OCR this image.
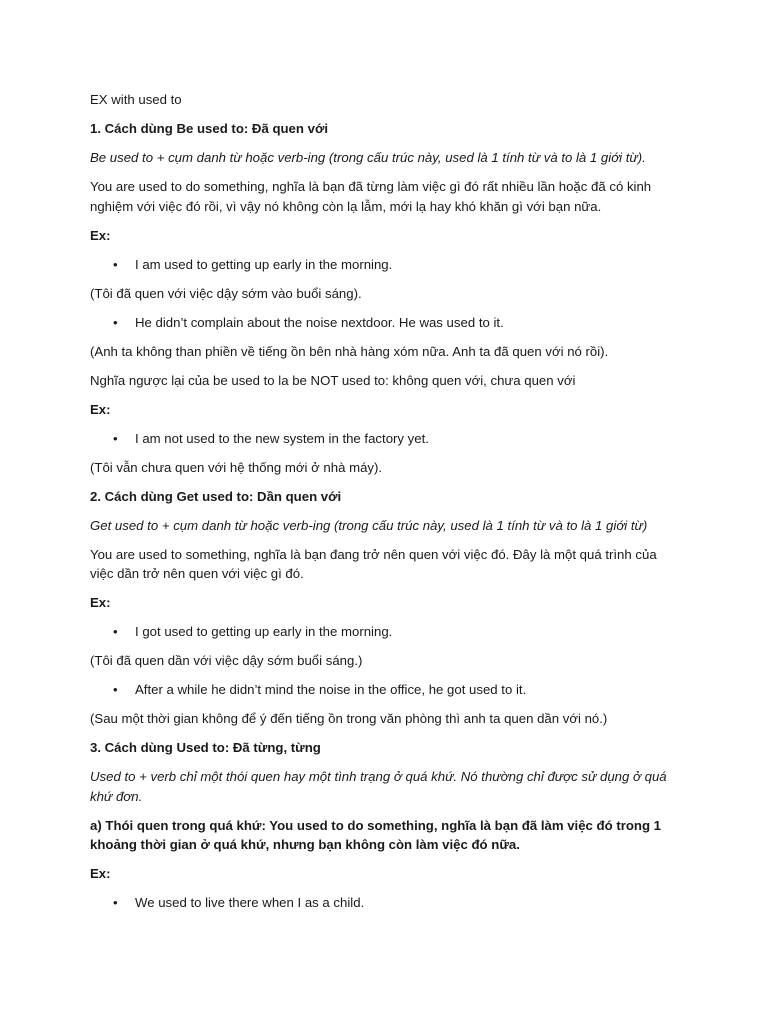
EX with used to

1. Cách dùng Be used to: Đã quen với

Be used to + cụm danh từ hoặc verb-ing (trong cấu trúc này, used là 1 tính từ và to là 1 giới từ).

You are used to do something, nghĩa là bạn đã từng làm việc gì đó rất nhiều lần hoặc đã có kinh nghiệm với việc đó rồi, vì vậy nó không còn lạ lẫm, mới lạ hay khó khăn gì với bạn nữa.

Ex:

• I am used to getting up early in the morning.

(Tôi đã quen với việc dậy sớm vào buổi sáng).

• He didn’t complain about the noise nextdoor. He was used to it.

(Anh ta không than phiền về tiếng ồn bên nhà hàng xóm nữa. Anh ta đã quen với nó rồi).

Nghĩa ngược lại của be used to la be NOT used to: không quen với, chưa quen với

Ex:

• I am not used to the new system in the factory yet.

(Tôi vẫn chưa quen với hệ thống mới ở nhà máy).

2. Cách dùng Get used to: Dần quen với

Get used to + cụm danh từ hoặc verb-ing (trong cấu trúc này, used là 1 tính từ và to là 1 giới từ)

You are used to something, nghĩa là bạn đang trở nên quen với việc đó. Đây là một quá trình của việc dần trở nên quen với việc gì đó.

Ex:

• I got used to getting up early in the morning.

(Tôi đã quen dần với việc dậy sớm buổi sáng.)

• After a while he didn’t mind the noise in the office, he got used to it.

(Sau một thời gian không để ý đến tiếng ồn trong văn phòng thì anh ta quen dần với nó.)

3. Cách dùng Used to: Đã từng, từng

Used to + verb chỉ một thói quen hay một tình trạng ở quá khứ. Nó thường chỉ được sử dụng ở quá khứ đơn.

a) Thói quen trong quá khứ: You used to do something, nghĩa là bạn đã làm việc đó trong 1 khoảng thời gian ở quá khứ, nhưng bạn không còn làm việc đó nữa.

Ex:

• We used to live there when I as a child.
